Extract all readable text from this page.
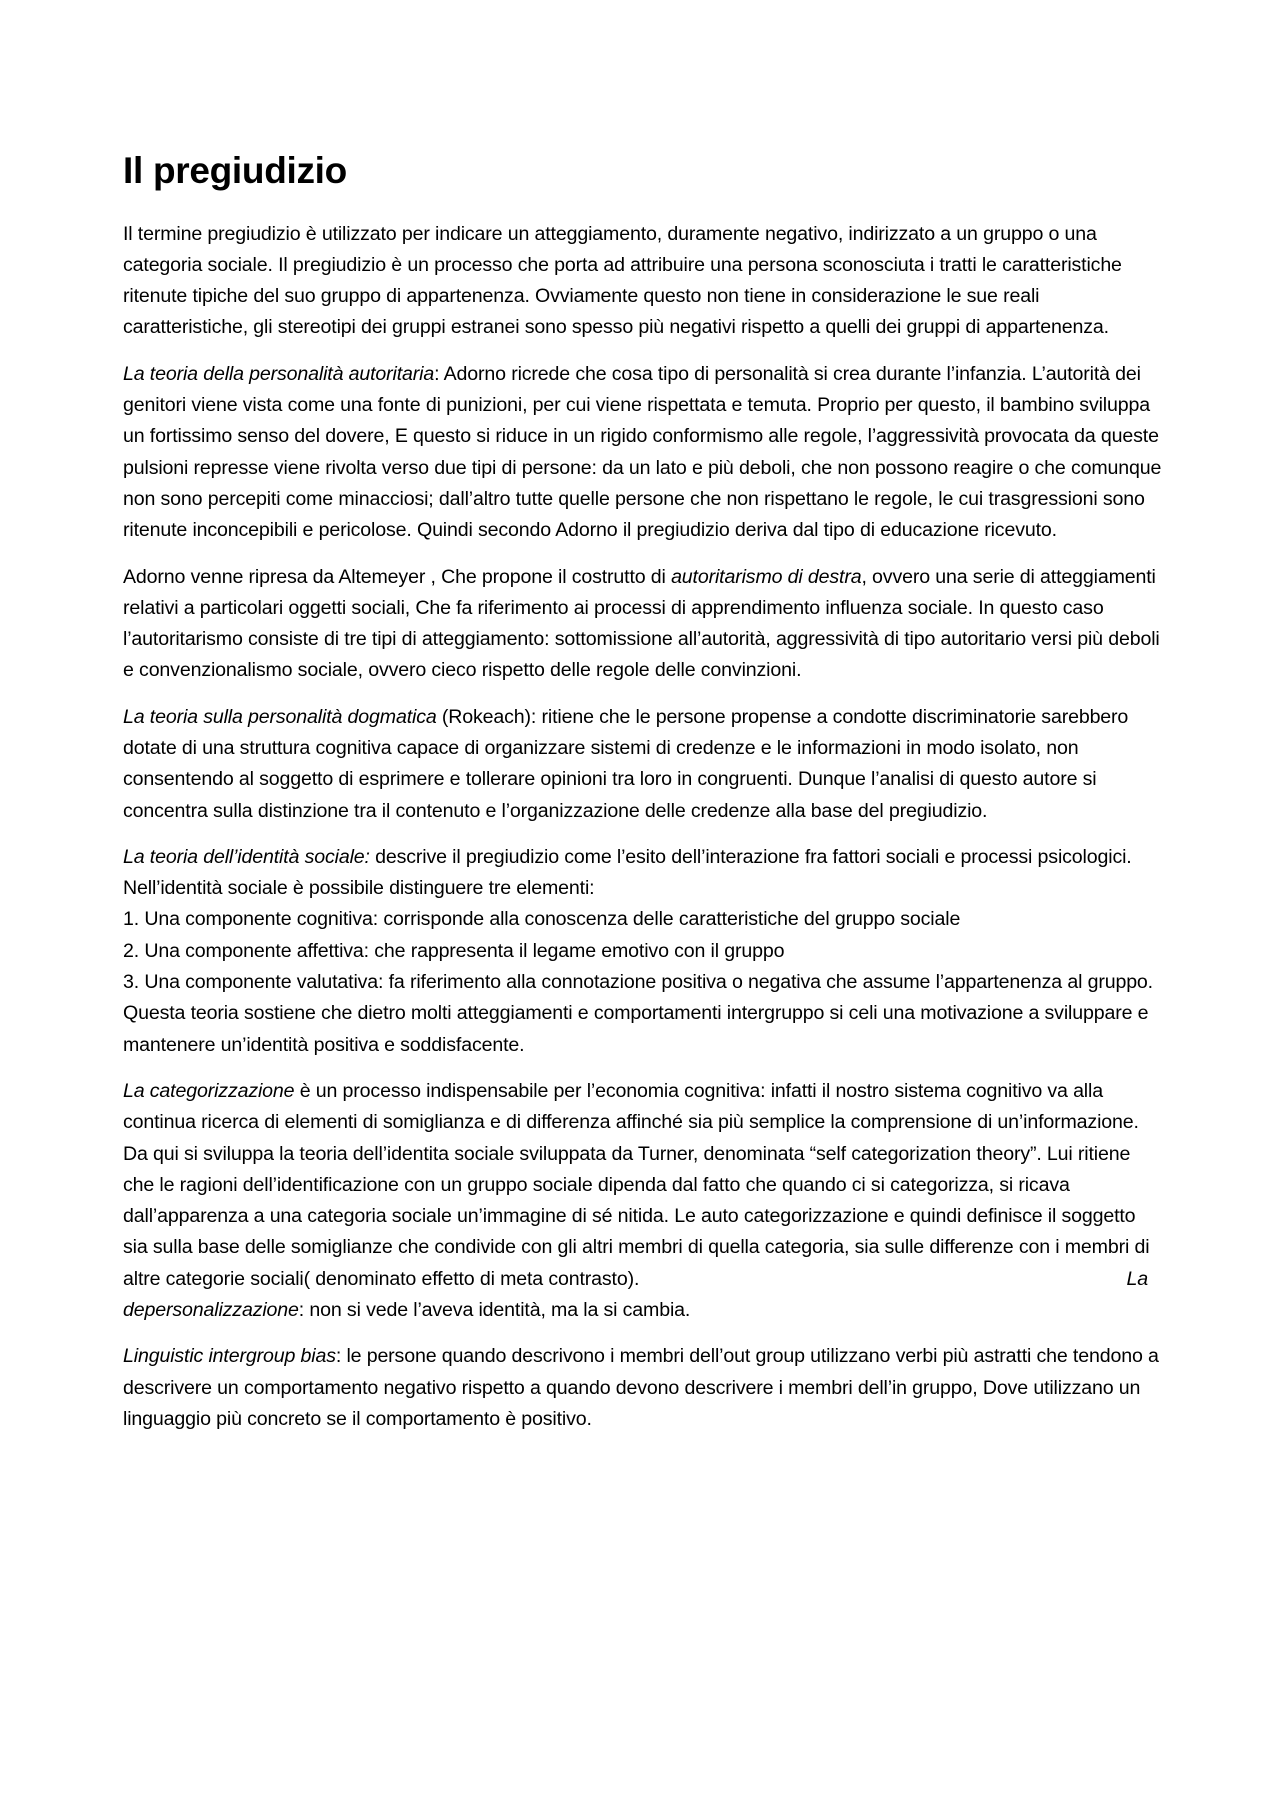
Il pregiudizio

Il termine pregiudizio è utilizzato per indicare un atteggiamento, duramente negativo, indirizzato a un gruppo o una categoria sociale. Il pregiudizio è un processo che porta ad attribuire una persona sconosciuta i tratti le caratteristiche ritenute tipiche del suo gruppo di appartenenza. Ovviamente questo non tiene in considerazione le sue reali caratteristiche, gli stereotipi dei gruppi estranei sono spesso più negativi rispetto a quelli dei gruppi di appartenenza.

La teoria della personalità autoritaria: Adorno ricrede che cosa tipo di personalità si crea durante l’infanzia. L’autorità dei genitori viene vista come una fonte di punizioni, per cui viene rispettata e temuta. Proprio per questo, il bambino sviluppa un fortissimo senso del dovere, E questo si riduce in un rigido conformismo alle regole, l’aggressività provocata da queste pulsioni represse viene rivolta verso due tipi di persone: da un lato e più deboli, che non possono reagire o che comunque non sono percepiti come minacciosi; dall’altro tutte quelle persone che non rispettano le regole, le cui trasgressioni sono ritenute inconcepibili e pericolose. Quindi secondo Adorno il pregiudizio deriva dal tipo di educazione ricevuto.

Adorno venne ripresa da Altemeyer , Che propone il costrutto di autoritarismo di destra, ovvero una serie di atteggiamenti relativi a particolari oggetti sociali, Che fa riferimento ai processi di apprendimento influenza sociale. In questo caso l’autoritarismo consiste di tre tipi di atteggiamento: sottomissione all’autorità, aggressività di tipo autoritario versi più deboli e convenzionalismo sociale, ovvero cieco rispetto delle regole delle convinzioni.

La teoria sulla personalità dogmatica (Rokeach): ritiene che le persone propense a condotte discriminatorie sarebbero dotate di una struttura cognitiva capace di organizzare sistemi di credenze e le informazioni in modo isolato, non consentendo al soggetto di esprimere e tollerare opinioni tra loro in congruenti. Dunque l’analisi di questo autore si concentra sulla distinzione tra il contenuto e l’organizzazione delle credenze alla base del pregiudizio.

La teoria dell’identità sociale: descrive il pregiudizio come l’esito dell’interazione fra fattori sociali e processi psicologici. Nell’identità sociale è possibile distinguere tre elementi:
1. Una componente cognitiva: corrisponde alla conoscenza delle caratteristiche del gruppo sociale
2. Una componente affettiva: che rappresenta il legame emotivo con il gruppo
3. Una componente valutativa: fa riferimento alla connotazione positiva o negativa che assume l’appartenenza al gruppo.
Questa teoria sostiene che dietro molti atteggiamenti e comportamenti intergruppo si celi una motivazione a sviluppare e mantenere un’identità positiva e soddisfacente.

La categorizzazione è un processo indispensabile per l’economia cognitiva: infatti il nostro sistema cognitivo va alla continua ricerca di elementi di somiglianza e di differenza affinché sia più semplice la comprensione di un’informazione. Da qui si sviluppa la teoria dell’identita sociale sviluppata da Turner, denominata “self categorization theory”. Lui ritiene che le ragioni dell’identificazione con un gruppo sociale dipenda dal fatto che quando ci si categorizza, si ricava dall’apparenza a una categoria sociale un’immagine di sé nitida. Le auto categorizzazione e quindi definisce il soggetto sia sulla base delle somiglianze che condivide con gli altri membri di quella categoria, sia sulle differenze con i membri di altre categorie sociali( denominato effetto di meta contrasto).	La
depersonalizzazione: non si vede l’aveva identità, ma la si cambia.

Linguistic intergroup bias: le persone quando descrivono i membri dell’out group utilizzano verbi più astratti che tendono a descrivere un comportamento negativo rispetto a quando devono descrivere i membri dell’in gruppo, Dove utilizzano un linguaggio più concreto se il comportamento è positivo.
